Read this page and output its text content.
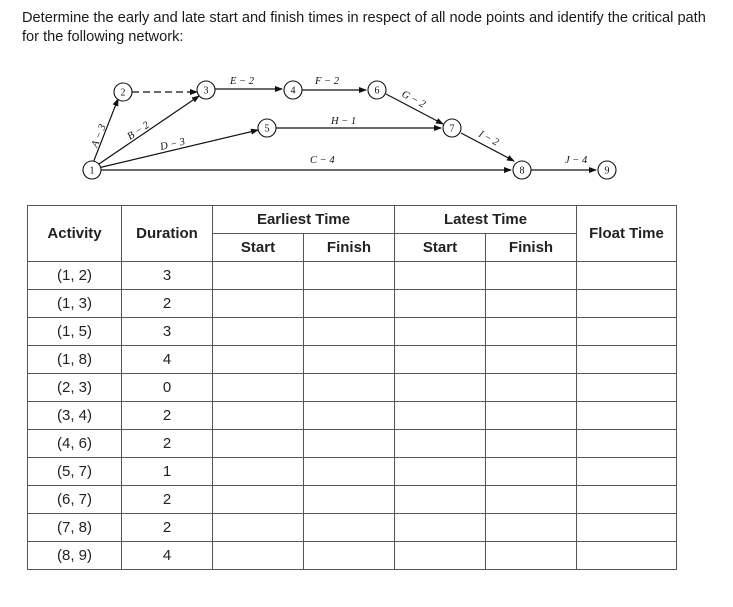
Determine the early and late start and finish times in respect of all node points and identify the critical path for the following network:
1
2	3	4
5
6
7
8	9
A − 3 B − 2
D − 3
E − 2	F − 2
H − 1
G − 2
C − 4
I − 2
J − 4
Activity	Duration	Earliest Time		Latest Time		Float Time
		Start	Finish	Start	Finish	
(1, 2)	3					
(1, 3)	2					
(1, 5)	3					
(1, 8)	4					
(2, 3)	0					
(3, 4)	2					
(4, 6)	2					
(5, 7)	1					
(6, 7)	2					
(7, 8)	2					
(8, 9)	4					
